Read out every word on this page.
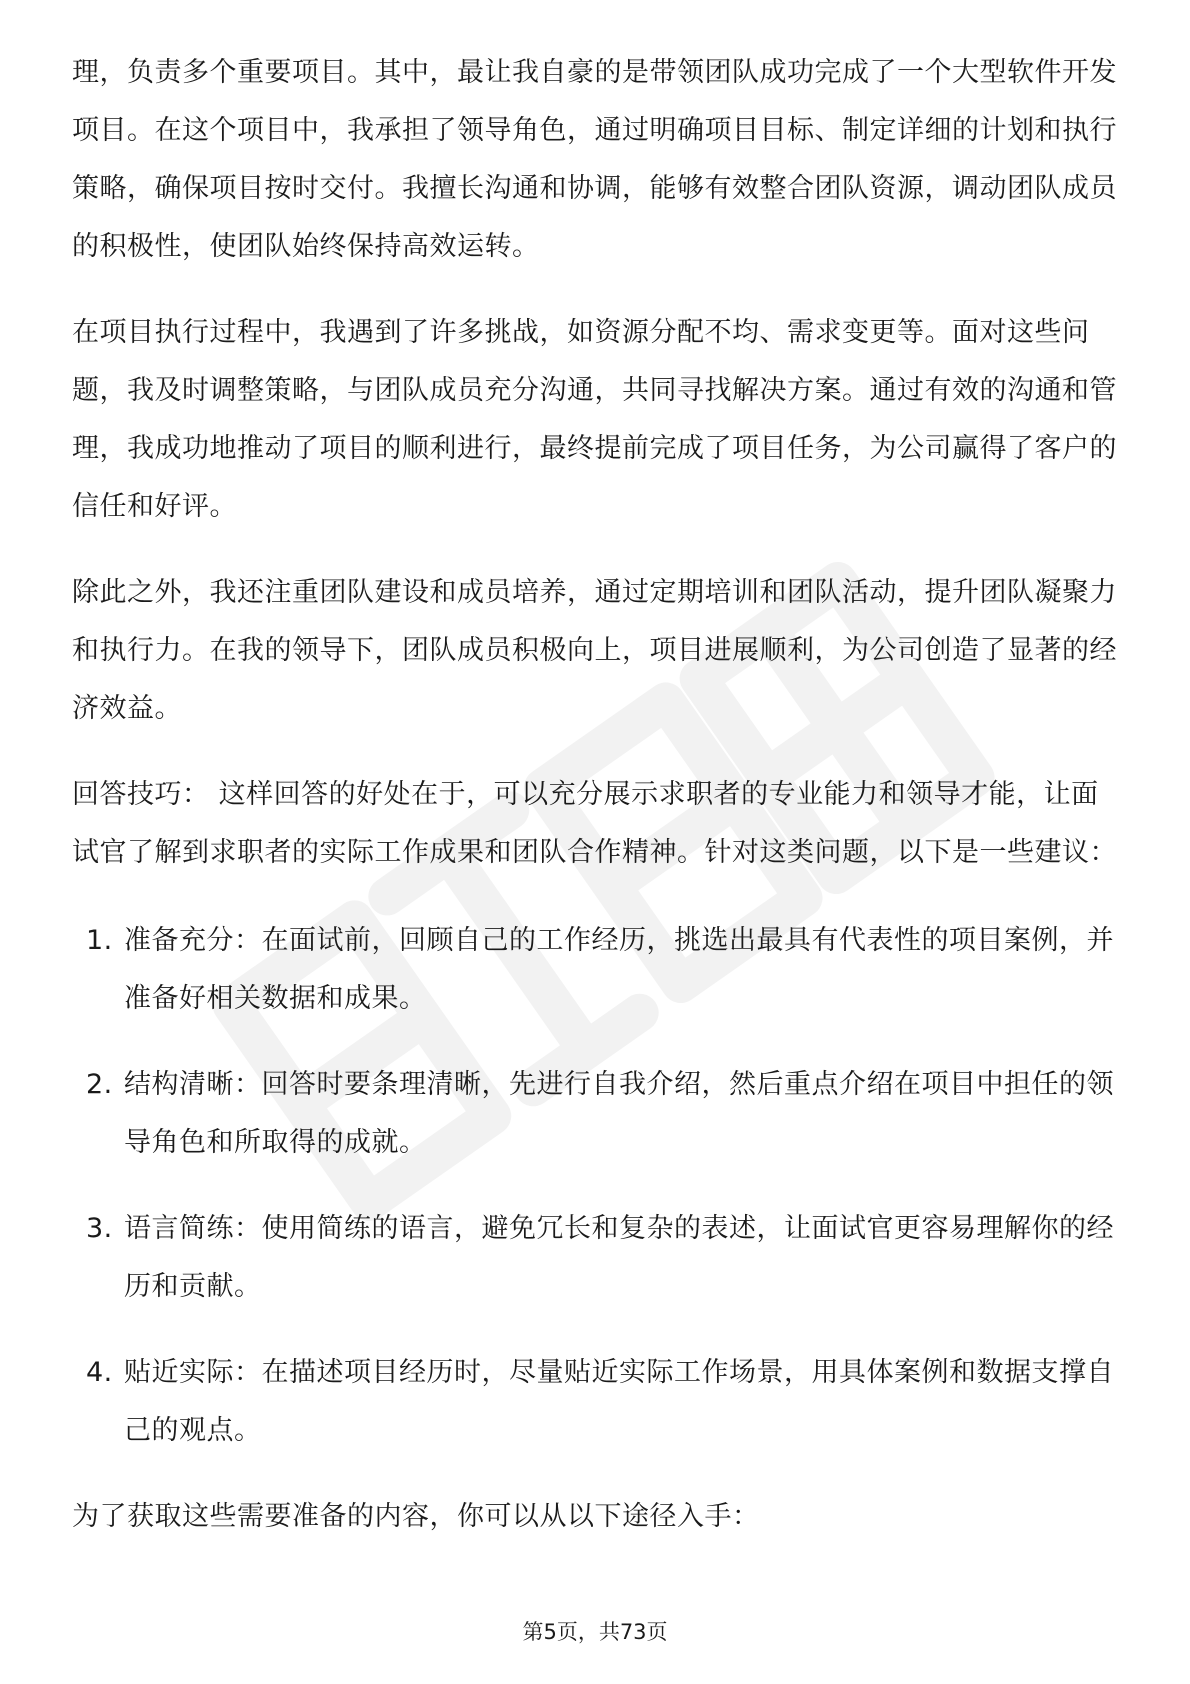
理，负责多个重要项目。其中，最让我自豪的是带领团队成功完成了一个大型软件开发项目。在这个项目中，我承担了领导角色，通过明确项目目标、制定详细的计划和执行策略，确保项目按时交付。我擅长沟通和协调，能够有效整合团队资源，调动团队成员的积极性，使团队始终保持高效运转。

在项目执行过程中，我遇到了许多挑战，如资源分配不均、需求变更等。面对这些问题，我及时调整策略，与团队成员充分沟通，共同寻找解决方案。通过有效的沟通和管理，我成功地推动了项目的顺利进行，最终提前完成了项目任务，为公司赢得了客户的信任和好评。

除此之外，我还注重团队建设和成员培养，通过定期培训和团队活动，提升团队凝聚力和执行力。在我的领导下，团队成员积极向上，项目进展顺利，为公司创造了显著的经济效益。

回答技巧： 这样回答的好处在于，可以充分展示求职者的专业能力和领导才能，让面试官了解到求职者的实际工作成果和团队合作精神。针对这类问题，以下是一些建议：

1. 准备充分：在面试前，回顾自己的工作经历，挑选出最具有代表性的项目案例，并准备好相关数据和成果。
2. 结构清晰：回答时要条理清晰，先进行自我介绍，然后重点介绍在项目中担任的领导角色和所取得的成就。
3. 语言简练：使用简练的语言，避免冗长和复杂的表述，让面试官更容易理解你的经历和贡献。
4. 贴近实际：在描述项目经历时，尽量贴近实际工作场景，用具体案例和数据支撑自己的观点。

为了获取这些需要准备的内容，你可以从以下途径入手：

第5页，共73页
